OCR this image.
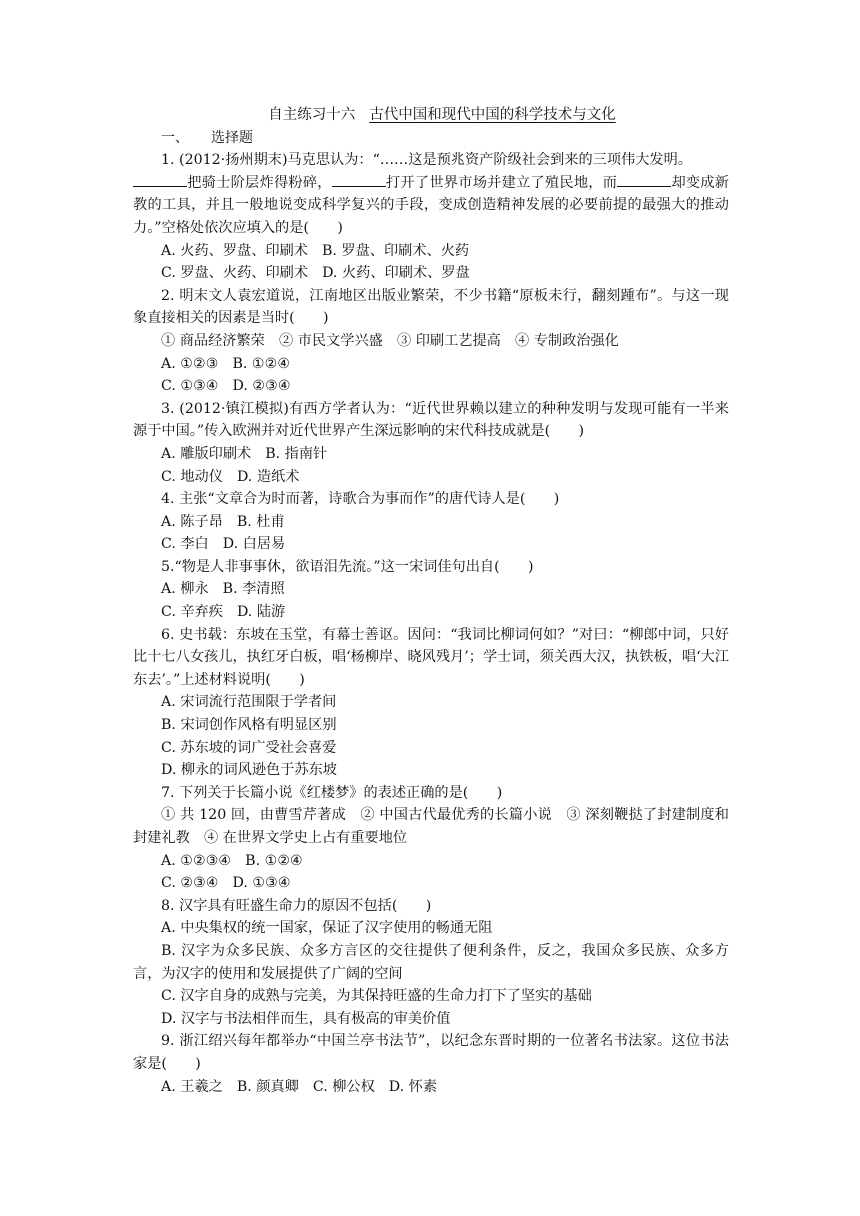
自主练习十六 古代中国和现代中国的科学技术与文化
一、 选择题

1. (2012·扬州期末)马克思认为：“……这是预兆资产阶级社会到来的三项伟大发明。

把骑士阶层炸得粉碎，	打开了世界市场并建立了殖民地，而	却变成新教的工具，并且一般地说变成科学复兴的手段，变成创造精神发展的必要前提的最强大的推动力。”空格处依次应填入的是(　　)

A. 火药、罗盘、印刷术 B. 罗盘、印刷术、火药

C. 罗盘、火药、印刷术 D. 火药、印刷术、罗盘

2. 明末文人袁宏道说，江南地区出版业繁荣，不少书籍“原板未行，翻刻踵布”。与这一现象直接相关的因素是当时(　　)

① 商品经济繁荣　② 市民文学兴盛　③ 印刷工艺提高　④ 专制政治强化

A. ①②③ B. ①②④

C. ①③④ D. ②③④

3. (2012·镇江模拟)有西方学者认为：“近代世界赖以建立的种种发明与发现可能有一半来源于中国。”传入欧洲并对近代世界产生深远影响的宋代科技成就是(　　)

A. 雕版印刷术 B. 指南针

C. 地动仪 D. 造纸术

4. 主张“文章合为时而著，诗歌合为事而作”的唐代诗人是(　　)

A. 陈子昂 B. 杜甫

C. 李白 D. 白居易

5.“物是人非事事休，欲语泪先流。”这一宋词佳句出自(　　)

A. 柳永 B. 李清照

C. 辛弃疾 D. 陆游

6. 史书载：东坡在玉堂，有幕士善讴。因问：“我词比柳词何如？”对曰：“柳郎中词，只好比十七八女孩儿，执红牙白板，唱‘杨柳岸、晓风残月’；学士词，须关西大汉，执铁板，唱‘大江东去’。”上述材料说明(　　)

A. 宋词流行范围限于学者间

B. 宋词创作风格有明显区别

C. 苏东坡的词广受社会喜爱

D. 柳永的词风逊色于苏东坡

7. 下列关于长篇小说《红楼梦》的表述正确的是(　　)

① 共 120 回，由曹雪芹著成　② 中国古代最优秀的长篇小说　③ 深刻鞭挞了封建制度和封建礼教　④ 在世界文学史上占有重要地位

A. ①②③④ B. ①②④

C. ②③④ D. ①③④

8. 汉字具有旺盛生命力的原因不包括(　　)

A. 中央集权的统一国家，保证了汉字使用的畅通无阻

B. 汉字为众多民族、众多方言区的交往提供了便利条件，反之，我国众多民族、众多方言，为汉字的使用和发展提供了广阔的空间

C. 汉字自身的成熟与完美，为其保持旺盛的生命力打下了坚实的基础

D. 汉字与书法相伴而生，具有极高的审美价值

9. 浙江绍兴每年都举办“中国兰亭书法节”，以纪念东晋时期的一位著名书法家。这位书法家是(　　)

A. 王羲之 B. 颜真卿 C. 柳公权 D. 怀素
